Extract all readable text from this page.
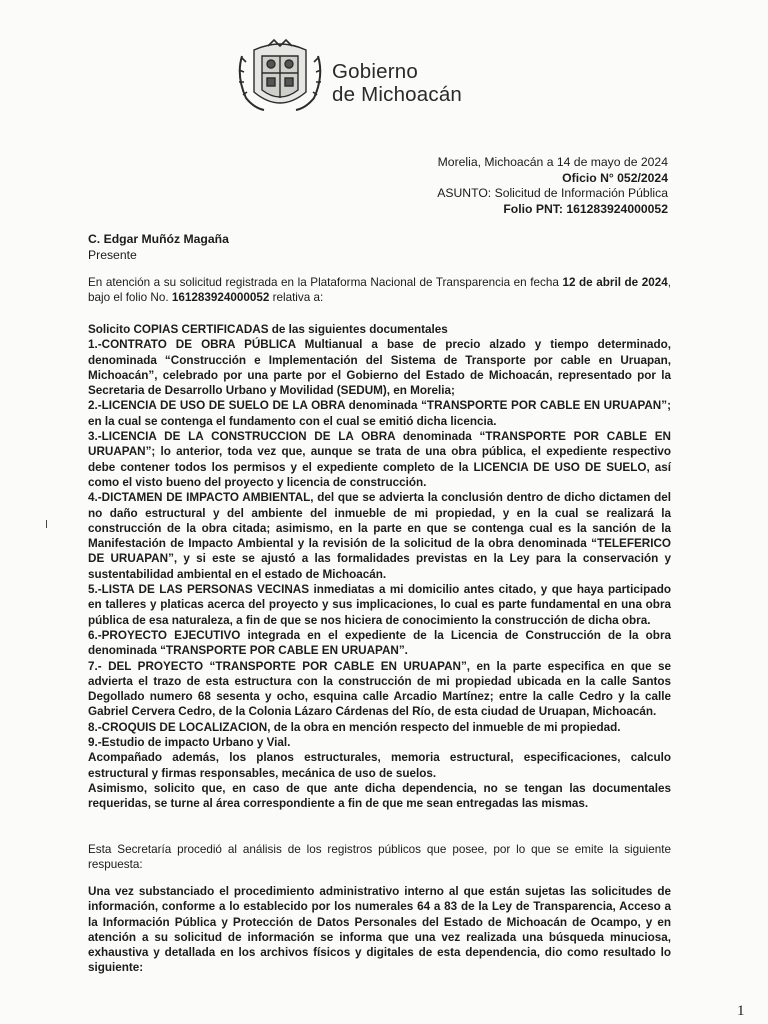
Gobierno
de Michoacán
Morelia, Michoacán a 14 de mayo de 2024
Oficio N° 052/2024
ASUNTO: Solicitud de Información Pública
Folio PNT: 161283924000052
C. Edgar Muñóz Magaña
Presente

En atención a su solicitud registrada en la Plataforma Nacional de Transparencia en fecha 12 de abril de 2024, bajo el folio No. 161283924000052 relativa a:

Solicito COPIAS CERTIFICADAS de las siguientes documentales

1.-CONTRATO DE OBRA PÚBLICA Multianual a base de precio alzado y tiempo determinado, denominada “Construcción e Implementación del Sistema de Transporte por cable en Uruapan, Michoacán”, celebrado por una parte por el Gobierno del Estado de Michoacán, representado por la Secretaria de Desarrollo Urbano y Movilidad (SEDUM), en Morelia;

2.-LICENCIA DE USO DE SUELO DE LA OBRA denominada “TRANSPORTE POR CABLE EN URUAPAN”; en la cual se contenga el fundamento con el cual se emitió dicha licencia.

3.-LICENCIA DE LA CONSTRUCCION DE LA OBRA denominada “TRANSPORTE POR CABLE EN URUAPAN”; lo anterior, toda vez que, aunque se trata de una obra pública, el expediente respectivo debe contener todos los permisos y el expediente completo de la LICENCIA DE USO DE SUELO, así como el visto bueno del proyecto y licencia de construcción.

4.-DICTAMEN DE IMPACTO AMBIENTAL, del que se advierta la conclusión dentro de dicho dictamen del no daño estructural y del ambiente del inmueble de mi propiedad, y en la cual se realizará la construcción de la obra citada; asimismo, en la parte en que se contenga cual es la sanción de la Manifestación de Impacto Ambiental y la revisión de la solicitud de la obra denominada “TELEFERICO DE URUAPAN”, y si este se ajustó a las formalidades previstas en la Ley para la conservación y sustentabilidad ambiental en el estado de Michoacán.

5.-LISTA DE LAS PERSONAS VECINAS inmediatas a mi domicilio antes citado, y que haya participado en talleres y platicas acerca del proyecto y sus implicaciones, lo cual es parte fundamental en una obra pública de esa naturaleza, a fin de que se nos hiciera de conocimiento la construcción de dicha obra.

6.-PROYECTO EJECUTIVO integrada en el expediente de la Licencia de Construcción de la obra denominada “TRANSPORTE POR CABLE EN URUAPAN”.

7.- DEL PROYECTO “TRANSPORTE POR CABLE EN URUAPAN”, en la parte especifica en que se advierta el trazo de esta estructura con la construcción de mi propiedad ubicada en la calle Santos Degollado numero 68 sesenta y ocho, esquina calle Arcadio Martínez; entre la calle Cedro y la calle Gabriel Cervera Cedro, de la Colonia Lázaro Cárdenas del Río, de esta ciudad de Uruapan, Michoacán.

8.-CROQUIS DE LOCALIZACION, de la obra en mención respecto del inmueble de mi propiedad.

9.-Estudio de impacto Urbano y Vial.

Acompañado además, los planos estructurales, memoria estructural, especificaciones, calculo estructural y firmas responsables, mecánica de uso de suelos.

Asimismo, solicito que, en caso de que ante dicha dependencia, no se tengan las documentales requeridas, se turne al área correspondiente a fin de que me sean entregadas las mismas.

Esta Secretaría procedió al análisis de los registros públicos que posee, por lo que se emite la siguiente respuesta:

Una vez substanciado el procedimiento administrativo interno al que están sujetas las solicitudes de información, conforme a lo establecido por los numerales 64 a 83 de la Ley de Transparencia, Acceso a la Información Pública y Protección de Datos Personales del Estado de Michoacán de Ocampo, y en atención a su solicitud de información se informa que una vez realizada una búsqueda minuciosa, exhaustiva y detallada en los archivos físicos y digitales de esta dependencia, dio como resultado lo siguiente:

1
